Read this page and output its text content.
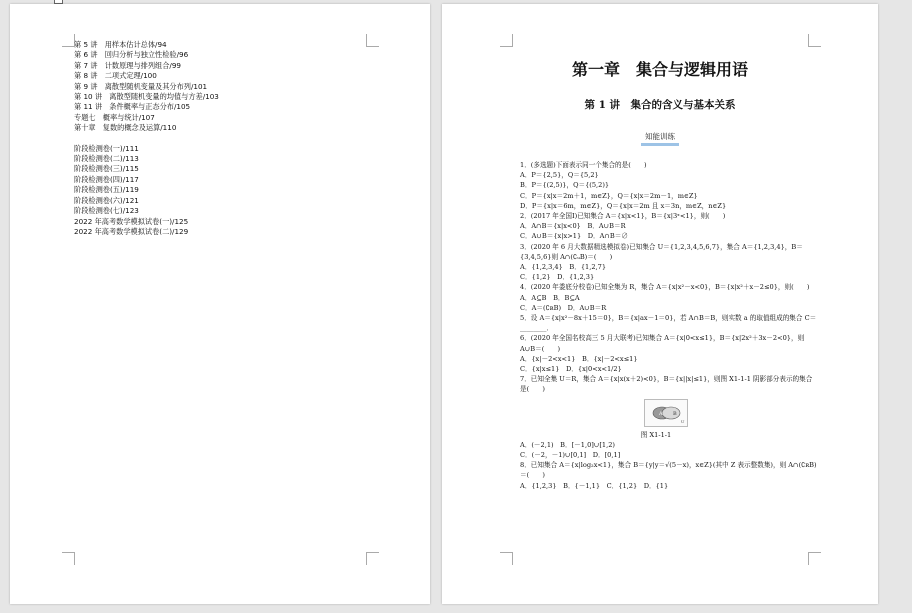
第 5 讲　用样本估计总体/94
第 6 讲　回归分析与独立性检验/96
第 7 讲　计数原理与排列组合/99
第 8 讲　二项式定理/100
第 9 讲　离散型随机变量及其分布列/101
第 10 讲　离散型随机变量的均值与方差/103
第 11 讲　条件概率与正态分布/105
专题七　概率与统计/107
第十章　复数的概念及运算/110
阶段检测卷(一)/111
阶段检测卷(二)/113
阶段检测卷(三)/115
阶段检测卷(四)/117
阶段检测卷(五)/119
阶段检测卷(六)/121
阶段检测卷(七)/123
2022 年高考数学模拟试卷(一)/125
2022 年高考数学模拟试卷(二)/129
第一章　集合与逻辑用语
第 1 讲　集合的含义与基本关系
知能训练
1．(多选题)下面表示同一个集合的是(　　)
A．P＝{2,5}，Q＝{5,2}
B．P＝{(2,5)}，Q＝{(5,2)}
C．P＝{x|x＝2m＋1，m∈Z}，Q＝{x|x＝2m－1，m∈Z}
D．P＝{x|x＝6m，m∈Z}，Q＝{x|x＝2m 且 x＝3n，m∈Z，n∈Z}
2．(2017 年全国Ⅰ)已知集合 A＝{x|x<1}，B＝{x|3ˣ<1}，则(　　)
A．A∩B＝{x|x<0}　B．A∪B＝R
C．A∪B＝{x|x>1}　D．A∩B＝∅
3．(2020 年 6 月大数据精选模拟卷)已知集合 U＝{1,2,3,4,5,6,7}，集合 A＝{1,2,3,4}，B＝{3,4,5,6}则 A∩(∁ᵤB)＝(　　)
A．{1,2,3,4}　B．{1,2,7}
C．{1,2}　D．{1,2,3}
4．(2020 年娄底分校卷)已知全集为 R，集合 A＝{x|x²－x<0}，B＝{x|x²＋x－2≤0}，则(　　)
A．A⊆B　B．B⊆A
C．A＝(∁ʀB)　D．A∪B＝R
5．设 A＝{x|x²－8x＋15＝0}，B＝{x|ax－1＝0}，若 A∩B＝B，则实数 a 的取值组成的集合 C＝________．
6．(2020 年全国名校高三 5 月大联考)已知集合 A＝{x|0<x≤1}，B＝{x|2x²＋3x－2<0}，则 A∪B＝(　　)
A．{x|－2<x<1}　B．{x|－2<x≤1}
C．{x|x≤1}　D．{x|0<x<1/2}
7．已知全集 U＝R，集合 A＝{x|x(x＋2)<0}，B＝{x||x|≤1}，则图 X1-1-1 阴影部分表示的集合是(　　)
A B
U
图 X1-1-1
A．(－2,1)　B．[－1,0]∪[1,2)
C．(－2，－1)∪[0,1]　D．[0,1]
8．已知集合 A＝{x|log₂x<1}，集合 B＝{y|y＝√(5－x)，x∈Z}(其中 Z 表示整数集)，则 A∩(∁ʀB)＝(　　)
A．{1,2,3}　B．{－1,1}　C．{1,2}　D．{1}
